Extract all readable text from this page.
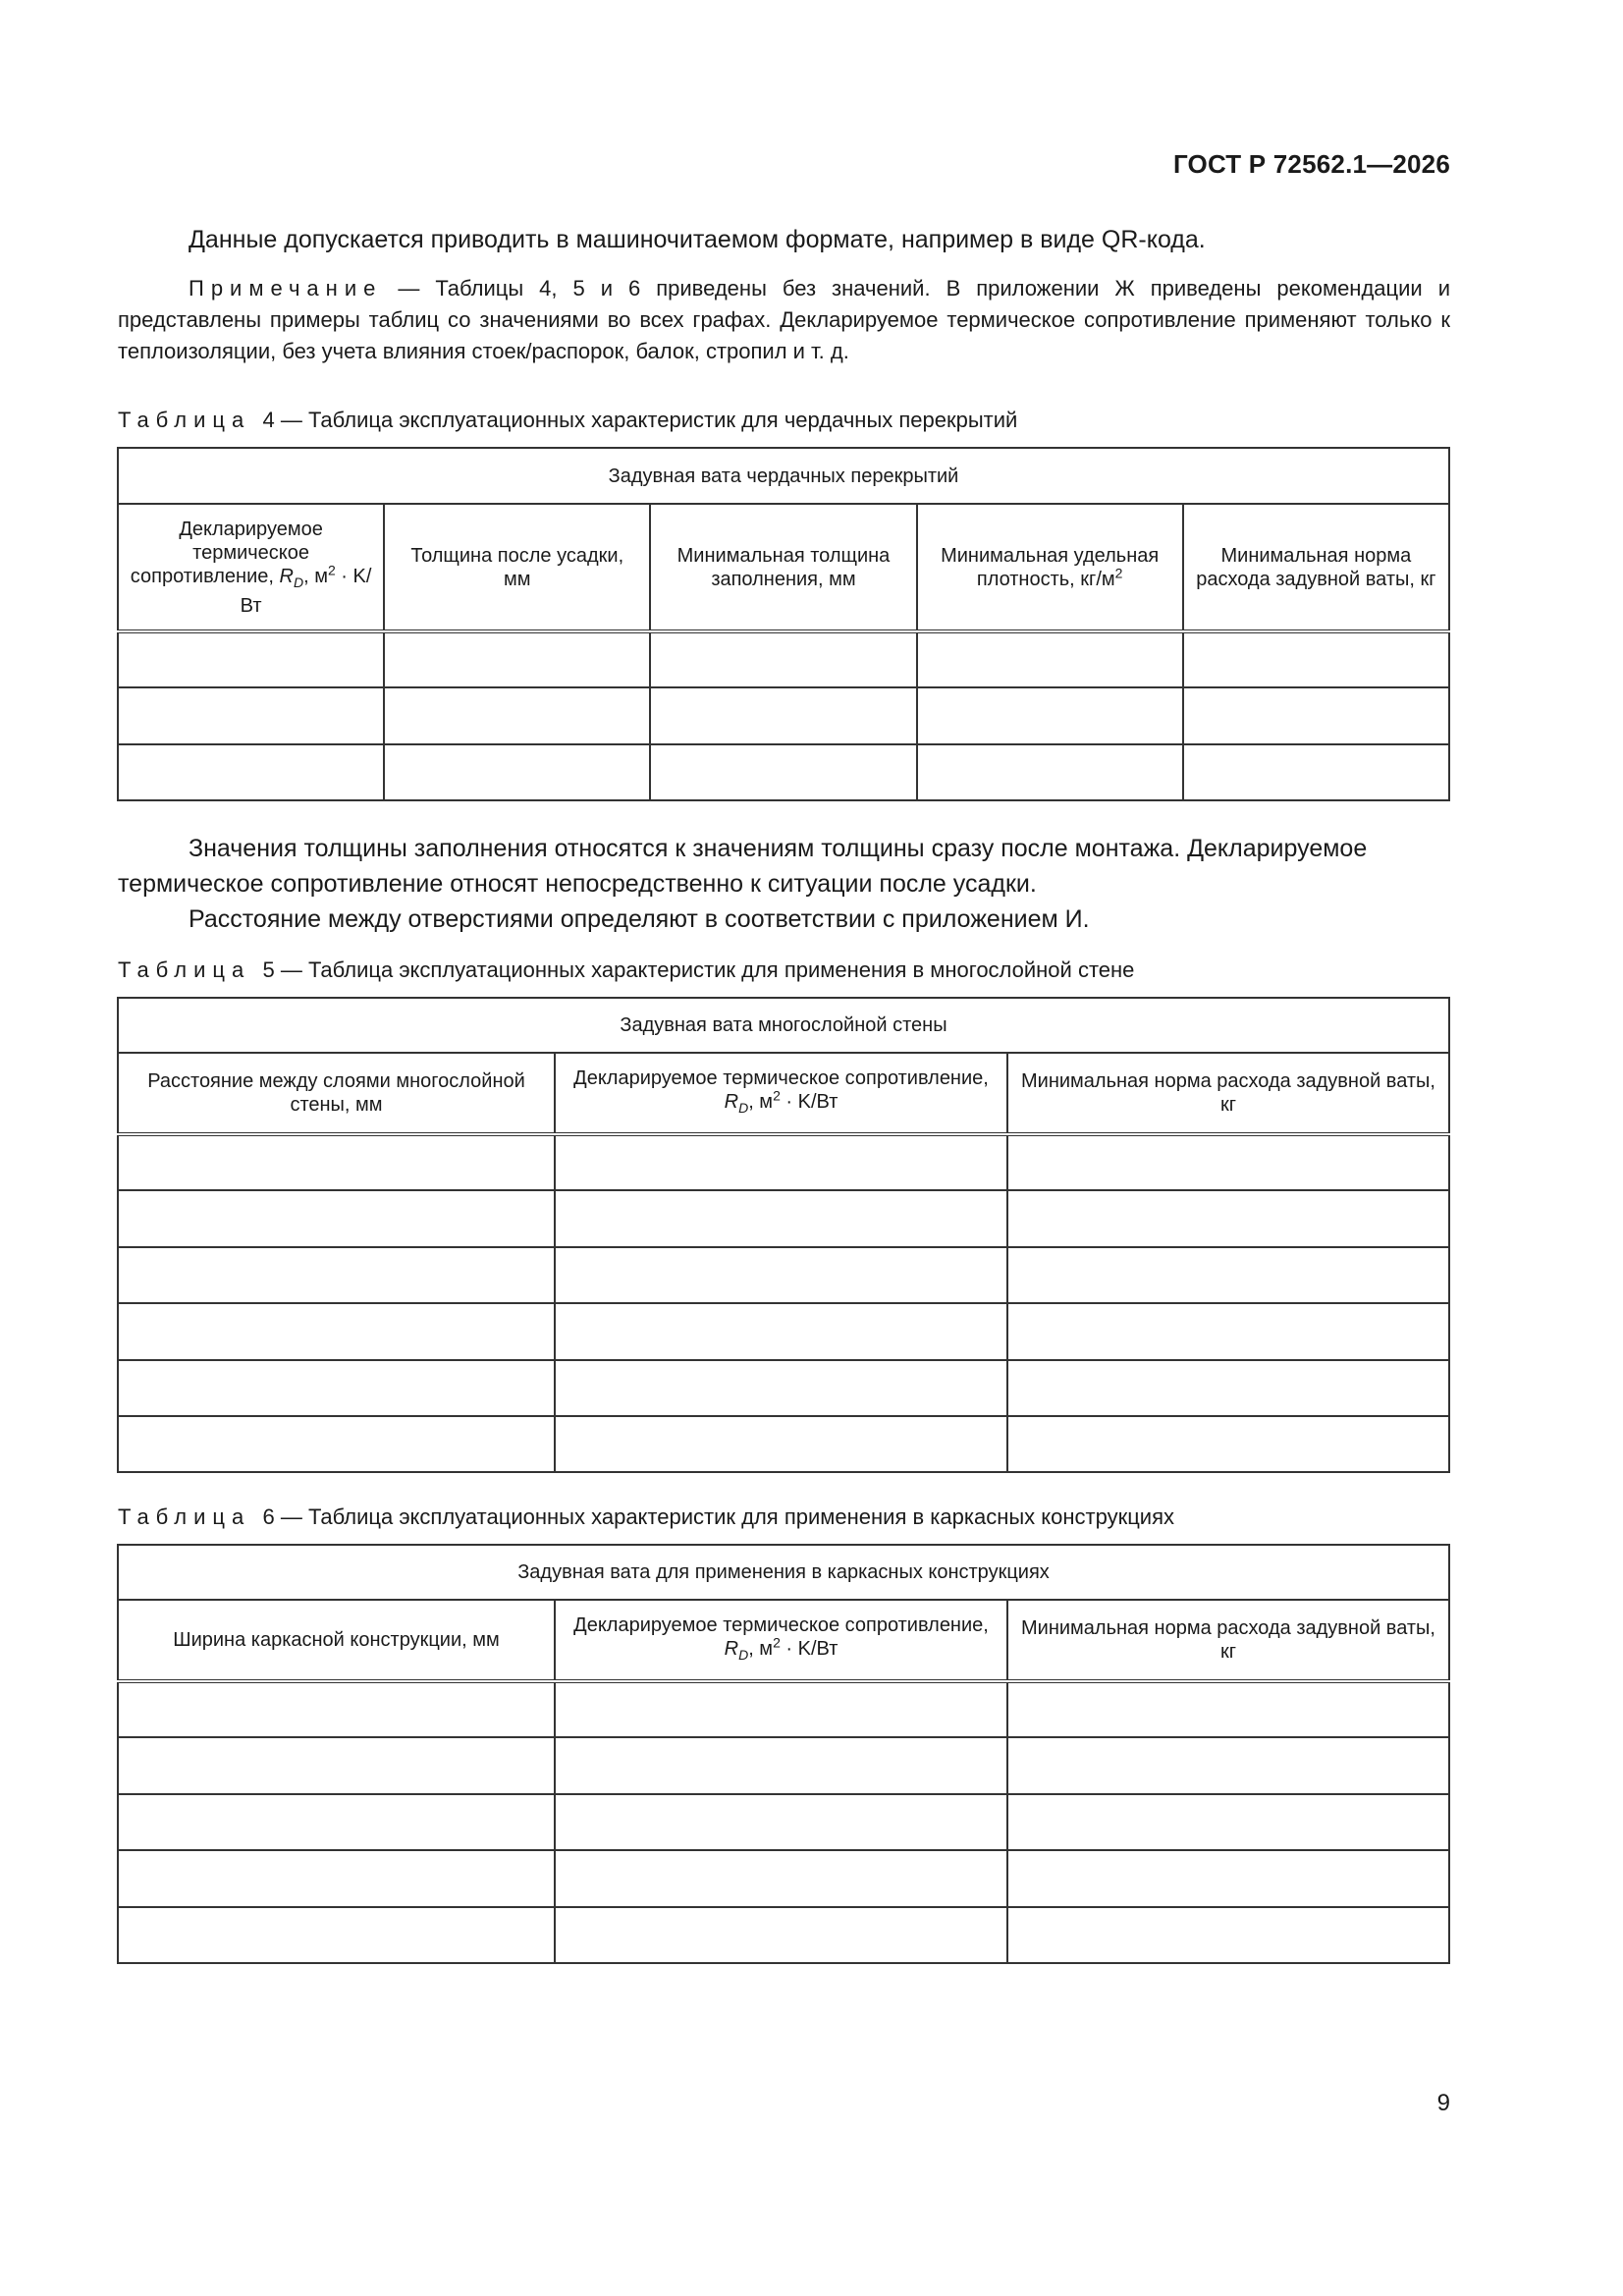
ГОСТ Р 72562.1—2026
Данные допускается приводить в машиночитаемом формате, например в виде QR-кода.
Примечание — Таблицы 4, 5 и 6 приведены без значений. В приложении Ж приведены рекомендации и представлены примеры таблиц со значениями во всех графах. Декларируемое термическое сопротивление применяют только к теплоизоляции, без учета влияния стоек/распорок, балок, стропил и т. д.
Таблица 4 — Таблица эксплуатационных характеристик для чердачных перекрытий
Задувная вата чердачных перекрытий				
Декларируемое термическое сопротивление, $R_D$, $м^2 \cdot K/Вт$	Толщина после усадки, мм	Минимальная толщина заполнения, мм	Минимальная удельная плотность, $кг/м^2$	Минимальная норма расхода задувной ваты, кг

Значения толщины заполнения относятся к значениям толщины сразу после монтажа. Декларируемое термическое сопротивление относят непосредственно к ситуации после усадки.
Расстояние между отверстиями определяют в соответствии с приложением И.
Таблица 5 — Таблица эксплуатационных характеристик для применения в многослойной стене
Задувная вата многослойной стены		
Расстояние между слоями многослойной стены, мм	Декларируемое термическое сопротивление, $R_D$, $м^2 \cdot K/Вт$	Минимальная норма расхода задувной ваты, кг

Таблица 6 — Таблица эксплуатационных характеристик для применения в каркасных конструкциях
Задувная вата для применения в каркасных конструкциях		
Ширина каркасной конструкции, мм	Декларируемое термическое сопротивление, $R_D$, $м^2 \cdot K/Вт$	Минимальная норма расхода задувной ваты, кг

9
